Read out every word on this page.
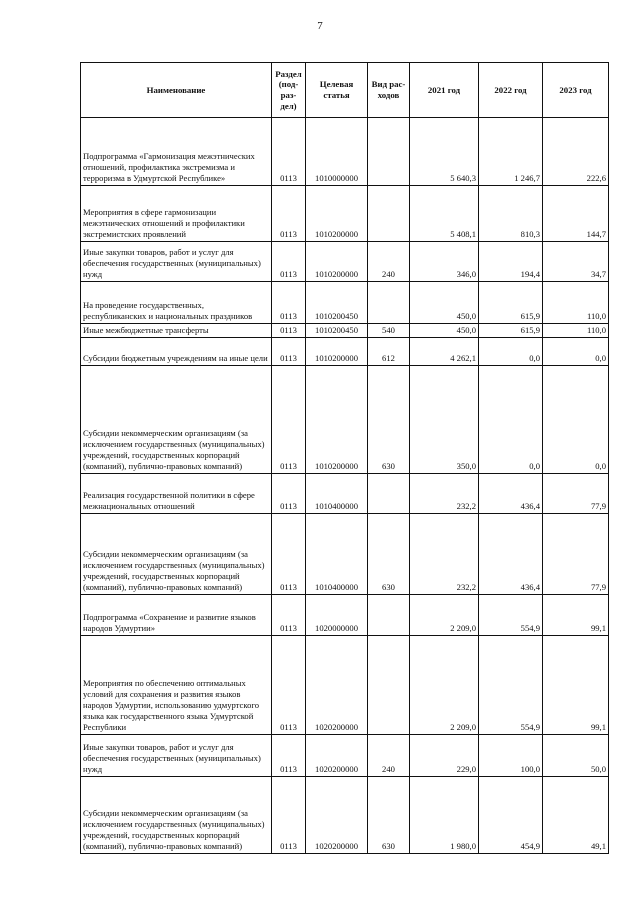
7
Наименование	Раздел (под- раз- дел)	Целевая статья	Вид рас- ходов	2021 год	2022 год	2023 год
Подпрограмма «Гармонизация межэтнических отношений, профилактика экстремизма и терроризма в Удмуртской Республике»	0113	1010000000		5 640,3	1 246,7	222,6
Мероприятия в сфере гармонизации межэтнических отношений и профилактики экстремистских проявлений	0113	1010200000		5 408,1	810,3	144,7
Иные закупки товаров, работ и услуг для обеспечения государственных (муниципальных) нужд	0113	1010200000	240	346,0	194,4	34,7
На проведение государственных, республиканских и национальных праздников	0113	1010200450		450,0	615,9	110,0
Иные межбюджетные трансферты	0113	1010200450	540	450,0	615,9	110,0
Субсидии бюджетным учреждениям на иные цели	0113	1010200000	612	4 262,1	0,0	0,0
Субсидии некоммерческим организациям (за исключением государственных (муниципальных) учреждений, государственных корпораций (компаний), публично-правовых компаний)	0113	1010200000	630	350,0	0,0	0,0
Реализация государственной политики в сфере межнациональных отношений	0113	1010400000		232,2	436,4	77,9
Субсидии некоммерческим организациям (за исключением государственных (муниципальных) учреждений, государственных корпораций (компаний), публично-правовых компаний)	0113	1010400000	630	232,2	436,4	77,9
Подпрограмма «Сохранение и развитие языков народов Удмуртии»	0113	1020000000		2 209,0	554,9	99,1
Мероприятия по обеспечению оптимальных условий для сохранения и развития языков народов Удмуртии, использованию удмуртского языка как государственного языка Удмуртской Республики	0113	1020200000		2 209,0	554,9	99,1
Иные закупки товаров, работ и услуг для обеспечения государственных (муниципальных) нужд	0113	1020200000	240	229,0	100,0	50,0
Субсидии некоммерческим организациям (за исключением государственных (муниципальных) учреждений, государственных корпораций (компаний), публично-правовых компаний)	0113	1020200000	630	1 980,0	454,9	49,1
